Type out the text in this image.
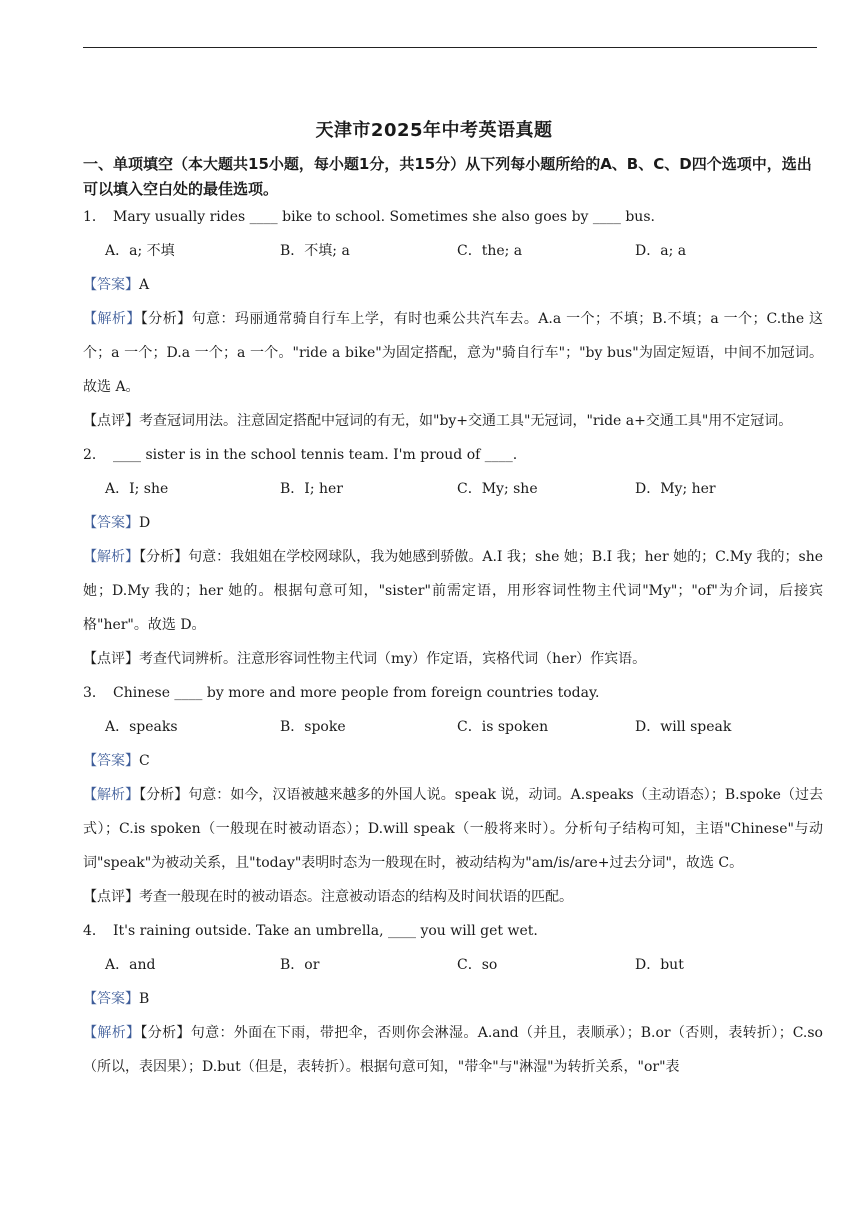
天津市2025年中考英语真题
一、单项填空（本大题共15小题，每小题1分，共15分）从下列每小题所给的A、B、C、D四个选项中，选出可以填入空白处的最佳选项。
1． Mary usually rides ____ bike to school. Sometimes she also goes by ____ bus.
A．a; 不填	B．不填; a	C．the; a	D．a; a
【答案】A
【解析】【分析】句意：玛丽通常骑自行车上学，有时也乘公共汽车去。A.a 一个；不填；B.不填；a 一个；C.the 这个；a 一个；D.a 一个；a 一个。"ride a bike"为固定搭配，意为"骑自行车"；"by bus"为固定短语，中间不加冠词。故选 A。
【点评】考查冠词用法。注意固定搭配中冠词的有无，如"by+交通工具"无冠词，"ride a+交通工具"用不定冠词。
2． ____ sister is in the school tennis team. I'm proud of ____.
A．I; she	B．I; her	C．My; she	D．My; her
【答案】D
【解析】【分析】句意：我姐姐在学校网球队，我为她感到骄傲。A.I 我；she 她；B.I 我；her 她的；C.My 我的；she 她；D.My 我的；her 她的。根据句意可知，"sister"前需定语，用形容词性物主代词"My"；"of"为介词，后接宾格"her"。故选 D。
【点评】考查代词辨析。注意形容词性物主代词（my）作定语，宾格代词（her）作宾语。
3． Chinese ____ by more and more people from foreign countries today.
A．speaks	B．spoke	C．is spoken	D．will speak
【答案】C
【解析】【分析】句意：如今，汉语被越来越多的外国人说。speak 说，动词。A.speaks（主动语态）；B.spoke（过去式）；C.is spoken（一般现在时被动语态）；D.will speak（一般将来时）。分析句子结构可知，主语"Chinese"与动词"speak"为被动关系，且"today"表明时态为一般现在时，被动结构为"am/is/are+过去分词"，故选 C。
【点评】考查一般现在时的被动语态。注意被动语态的结构及时间状语的匹配。
4． It's raining outside. Take an umbrella, ____ you will get wet.
A．and	B．or	C．so	D．but
【答案】B
【解析】【分析】句意：外面在下雨，带把伞，否则你会淋湿。A.and（并且，表顺承）；B.or（否则，表转折）；C.so（所以，表因果）；D.but（但是，表转折）。根据句意可知，"带伞"与"淋湿"为转折关系，"or"表
